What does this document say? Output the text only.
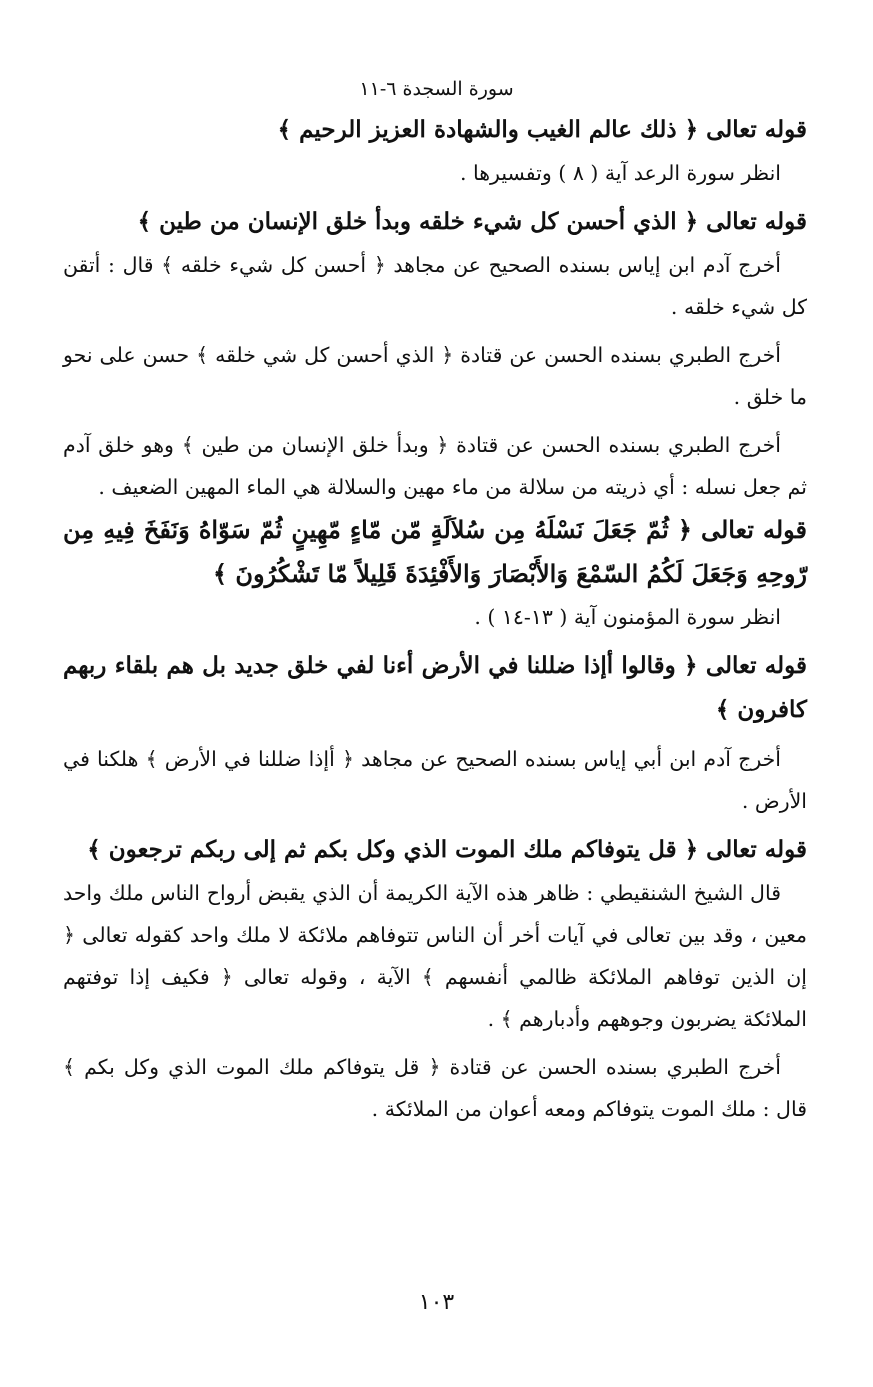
سورة السجدة ٦-١١

قوله تعالى ﴿ ذلك عالم الغيب والشهادة العزيز الرحيم ﴾

انظر سورة الرعد آية ( ٨ ) وتفسيرها .

قوله تعالى ﴿ الذي أحسن كل شيء خلقه وبدأ خلق الإنسان من طين ﴾

أخرج آدم ابن إياس بسنده الصحيح عن مجاهد ﴿ أحسن كل شيء خلقه ﴾ قال : أتقن كل شيء خلقه .

أخرج الطبري بسنده الحسن عن قتادة ﴿ الذي أحسن كل شي خلقه ﴾ حسن على نحو ما خلق .

أخرج الطبري بسنده الحسن عن قتادة ﴿ وبدأ خلق الإنسان من طين ﴾ وهو خلق آدم ثم جعل نسله : أي ذريته من سلالة من ماء مهين والسلالة هي الماء المهين الضعيف .

قوله تعالى ﴿ ثُمّ جَعَلَ نَسْلَهُ مِن سُلاَلَةٍ مّن مّاءٍ مّهِينٍ ثُمّ سَوّاهُ وَنَفَخَ فِيهِ مِن رّوحِهِ وَجَعَلَ لَكُمُ السّمْعَ وَالأَبْصَارَ وَالأَفْئِدَةَ قَلِيلاً مّا تَشْكُرُونَ ﴾

انظر سورة المؤمنون آية ( ١٣-١٤ ) .

قوله تعالى ﴿ وقالوا أإذا ضللنا في الأرض أءنا لفي خلق جديد بل هم بلقاء ربهم كافرون ﴾

أخرج آدم ابن أبي إياس بسنده الصحيح عن مجاهد ﴿ أإذا ضللنا في الأرض ﴾ هلكنا في الأرض .

قوله تعالى ﴿ قل يتوفاكم ملك الموت الذي وكل بكم ثم إلى ربكم ترجعون ﴾

قال الشيخ الشنقيطي : ظاهر هذه الآية الكريمة أن الذي يقبض أرواح الناس ملك واحد معين ، وقد بين تعالى في آيات أخر أن الناس تتوفاهم ملائكة لا ملك واحد كقوله تعالى ﴿ إن الذين توفاهم الملائكة ظالمي أنفسهم ﴾ الآية ، وقوله تعالى ﴿ فكيف إذا توفتهم الملائكة يضربون وجوههم وأدبارهم ﴾ .

أخرج الطبري بسنده الحسن عن قتادة ﴿ قل يتوفاكم ملك الموت الذي وكل بكم ﴾ قال : ملك الموت يتوفاكم ومعه أعوان من الملائكة .

١٠٣
